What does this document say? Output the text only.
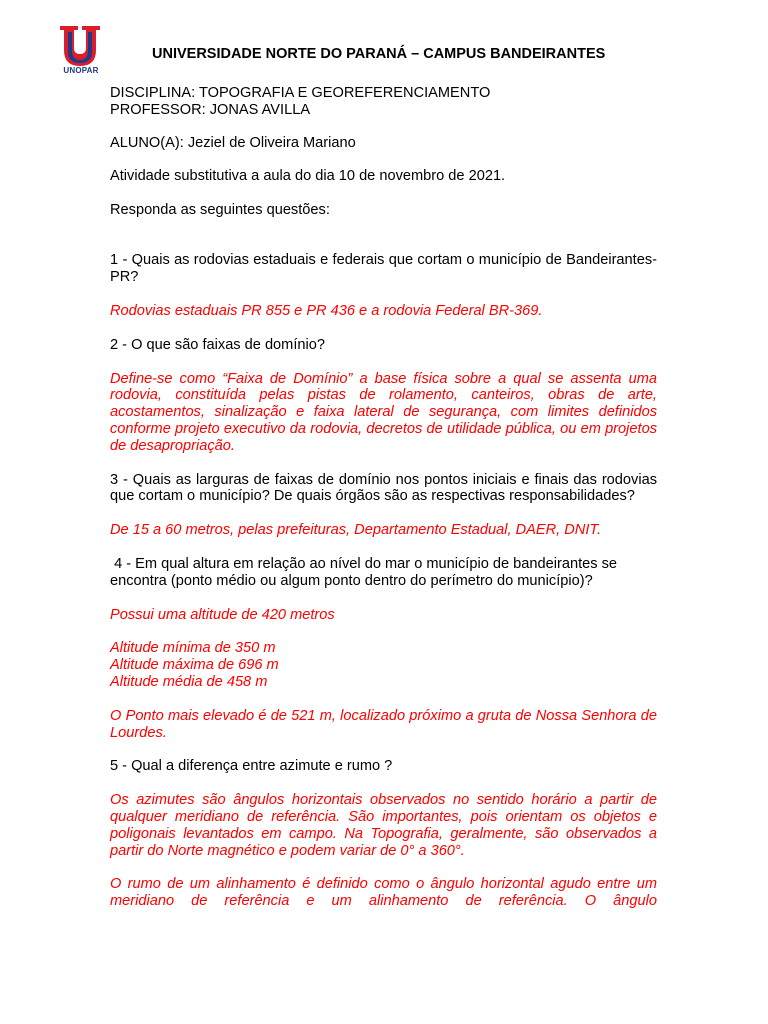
UNOPAR
UNIVERSIDADE NORTE DO PARANÁ – CAMPUS BANDEIRANTES

DISCIPLINA: TOPOGRAFIA E GEOREFERENCIAMENTO

PROFESSOR: JONAS AVILLA

ALUNO(A): Jeziel de Oliveira Mariano

Atividade substitutiva a aula do dia 10 de novembro de 2021.

Responda as seguintes questões:

1 - Quais as rodovias estaduais e federais que cortam o município de Bandeirantes-PR?

Rodovias estaduais PR 855 e PR 436 e a rodovia Federal BR-369.

2 - O que são faixas de domínio?

Define-se como “Faixa de Domínio” a base física sobre a qual se assenta uma rodovia, constituída pelas pistas de rolamento, canteiros, obras de arte, acostamentos, sinalização e faixa lateral de segurança, com limites definidos conforme projeto executivo da rodovia, decretos de utilidade pública, ou em projetos de desapropriação.

3 - Quais as larguras de faixas de domínio nos pontos iniciais e finais das rodovias que cortam o município? De quais órgãos são as respectivas responsabilidades?

De 15 a 60 metros, pelas prefeituras, Departamento Estadual, DAER, DNIT.

4 - Em qual altura em relação ao nível do mar o município de bandeirantes se encontra (ponto médio ou algum ponto dentro do perímetro do município)?

Possui uma altitude de 420 metros

Altitude mínima de 350 m

Altitude máxima de 696 m

Altitude média de 458 m

O Ponto mais elevado é de 521 m, localizado próximo a gruta de Nossa Senhora de Lourdes.

5 - Qual a diferença entre azimute e rumo ?

Os azimutes são ângulos horizontais observados no sentido horário a partir de qualquer meridiano de referência. São importantes, pois orientam os objetos e poligonais levantados em campo. Na Topografia, geralmente, são observados a partir do Norte magnético e podem variar de 0° a 360°.

O rumo de um alinhamento é definido como o ângulo horizontal agudo entre um meridiano de referência e um alinhamento de referência. O ângulo
